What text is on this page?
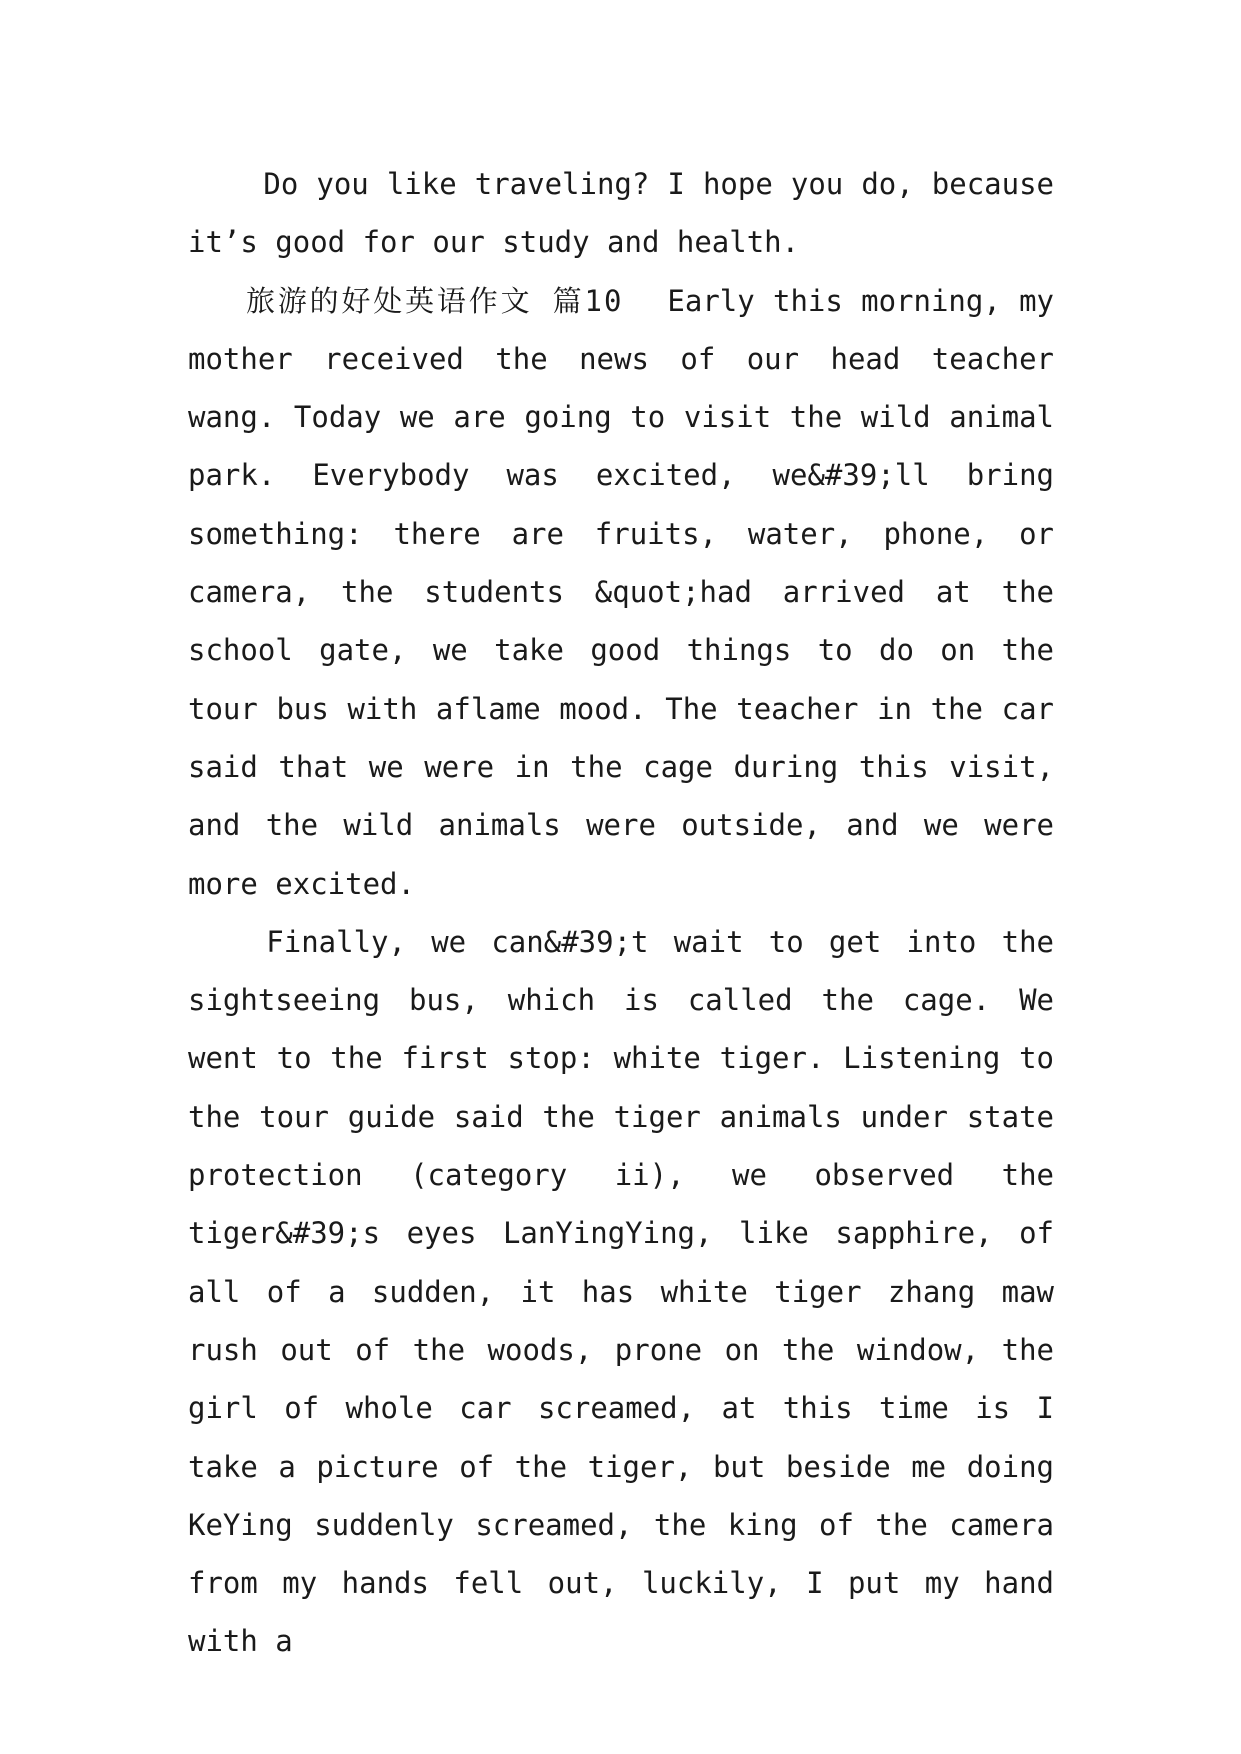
Do you like traveling? I hope you do, because it’s good for our study and health.

旅游的好处英语作文 篇10 Early this morning, my mother received the news of our head teacher wang. Today we are going to visit the wild animal park. Everybody was excited, we&#39;ll bring something: there are fruits, water, phone, or camera, the students &quot;had arrived at the school gate, we take good things to do on the tour bus with aflame mood. The teacher in the car said that we were in the cage during this visit, and the wild animals were outside, and we were more excited.

Finally, we can&#39;t wait to get into the sightseeing bus, which is called the cage. We went to the first stop: white tiger. Listening to the tour guide said the tiger animals under state protection (category ii), we observed the tiger&#39;s eyes LanYingYing, like sapphire, of all of a sudden, it has white tiger zhang maw rush out of the woods, prone on the window, the girl of whole car screamed, at this time is I take a picture of the tiger, but beside me doing KeYing suddenly screamed, the king of the camera from my hands fell out, luckily, I put my hand with a
